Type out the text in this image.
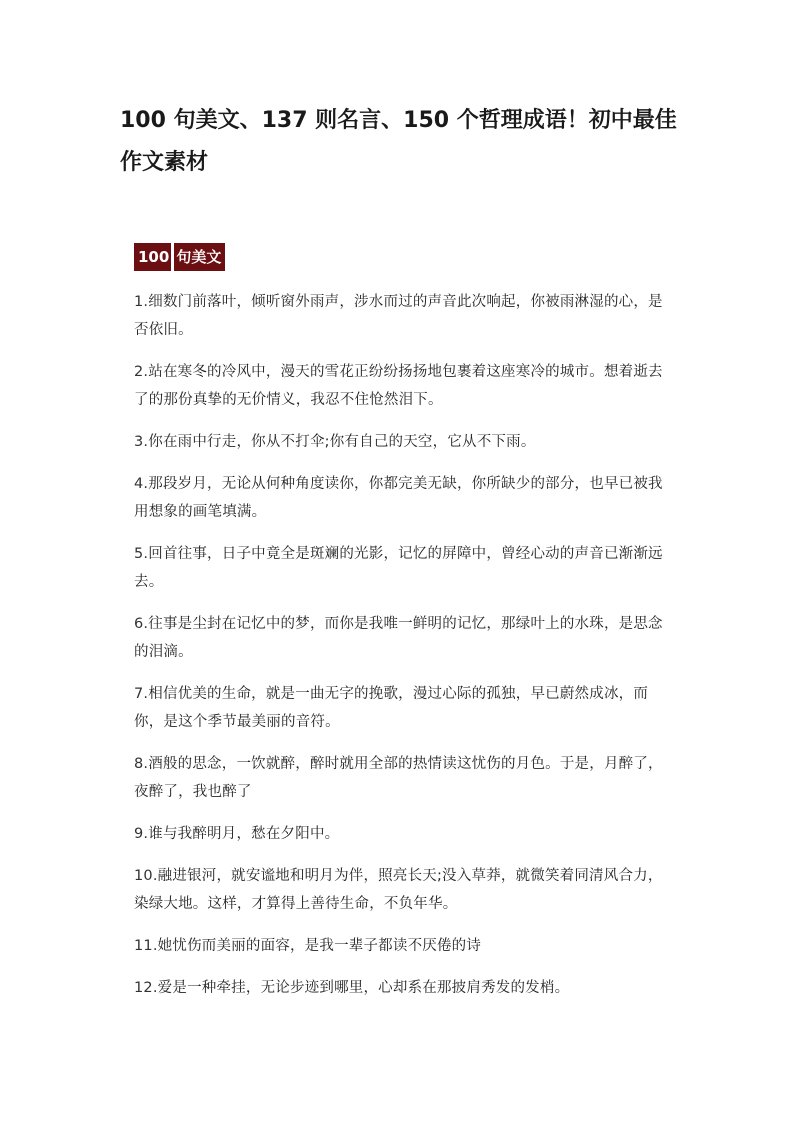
100 句美文、137 则名言、150 个哲理成语！初中最佳作文素材
100 句美文
1.细数门前落叶，倾听窗外雨声，涉水而过的声音此次响起，你被雨淋湿的心，是否依旧。
2.站在寒冬的冷风中，漫天的雪花正纷纷扬扬地包裹着这座寒冷的城市。想着逝去了的那份真挚的无价情义，我忍不住怆然泪下。
3.你在雨中行走，你从不打伞;你有自己的天空，它从不下雨。
4.那段岁月，无论从何种角度读你，你都完美无缺，你所缺少的部分，也早已被我用想象的画笔填满。
5.回首往事，日子中竟全是斑斓的光影，记忆的屏障中，曾经心动的声音已渐渐远去。
6.往事是尘封在记忆中的梦，而你是我唯一鲜明的记忆，那绿叶上的水珠，是思念的泪滴。
7.相信优美的生命，就是一曲无字的挽歌，漫过心际的孤独，早已蔚然成冰，而你，是这个季节最美丽的音符。
8.酒般的思念，一饮就醉，醉时就用全部的热情读这忧伤的月色。于是，月醉了，夜醉了，我也醉了
9.谁与我醉明月，愁在夕阳中。
10.融进银河，就安谧地和明月为伴，照亮长天;没入草莽，就微笑着同清风合力，染绿大地。这样，才算得上善待生命，不负年华。
11.她忧伤而美丽的面容，是我一辈子都读不厌倦的诗
12.爱是一种牵挂，无论步迹到哪里，心却系在那披肩秀发的发梢。
